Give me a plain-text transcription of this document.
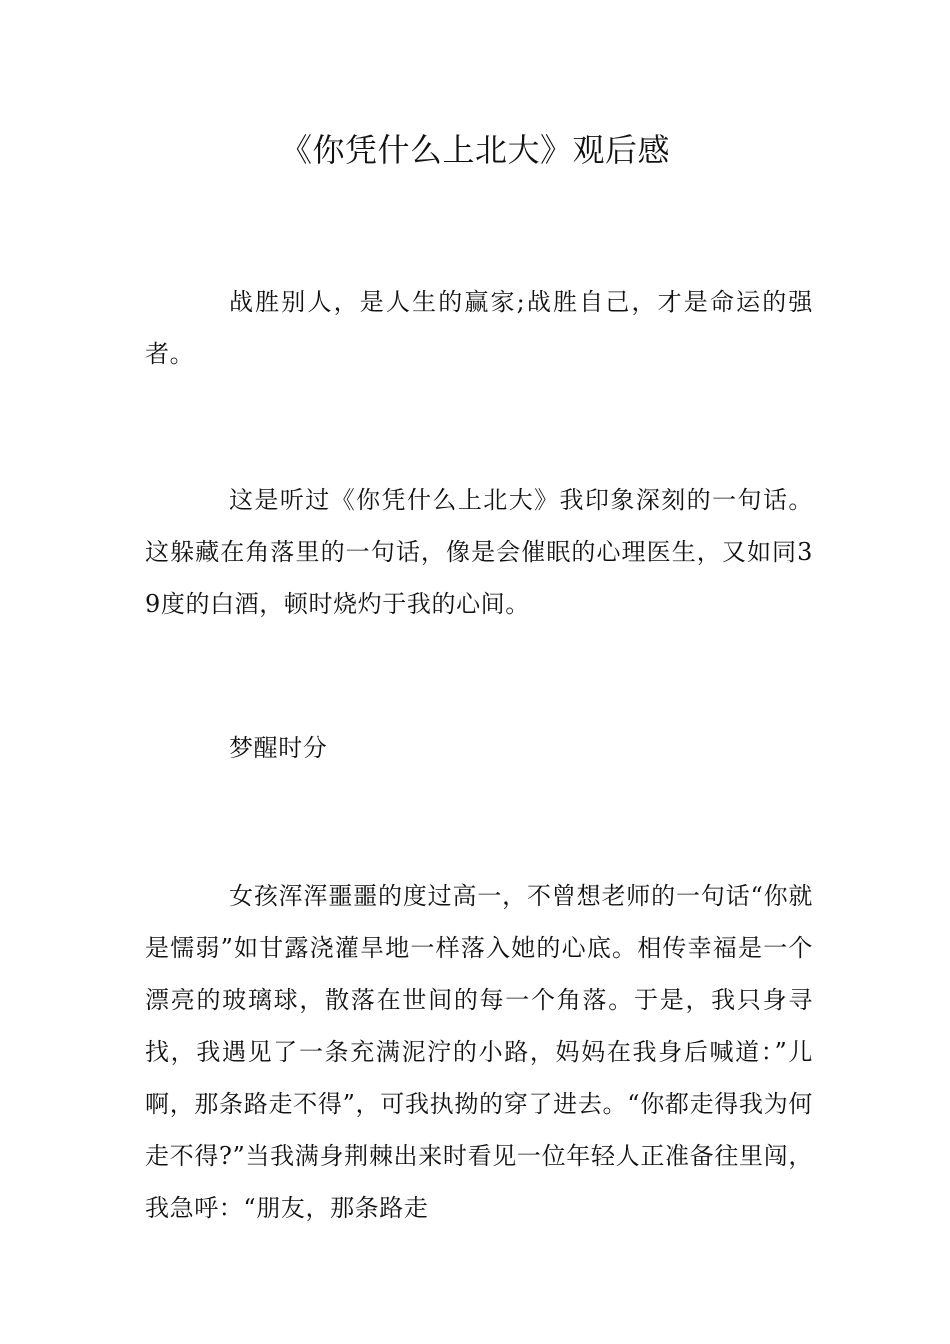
《你凭什么上北大》观后感

战胜别人，是人生的赢家;战胜自己，才是命运的强者。

这是听过《你凭什么上北大》我印象深刻的一句话。这躲藏在角落里的一句话，像是会催眠的心理医生，又如同39度的白酒，顿时烧灼于我的心间。

梦醒时分

女孩浑浑噩噩的度过高一，不曾想老师的一句话“你就是懦弱”如甘露浇灌旱地一样落入她的心底。相传幸福是一个漂亮的玻璃球，散落在世间的每一个角落。于是，我只身寻找，我遇见了一条充满泥泞的小路，妈妈在我身后喊道：”儿啊，那条路走不得”，可我执拗的穿了进去。“你都走得我为何走不得?”当我满身荆棘出来时看见一位年轻人正准备往里闯，我急呼：“朋友，那条路走
